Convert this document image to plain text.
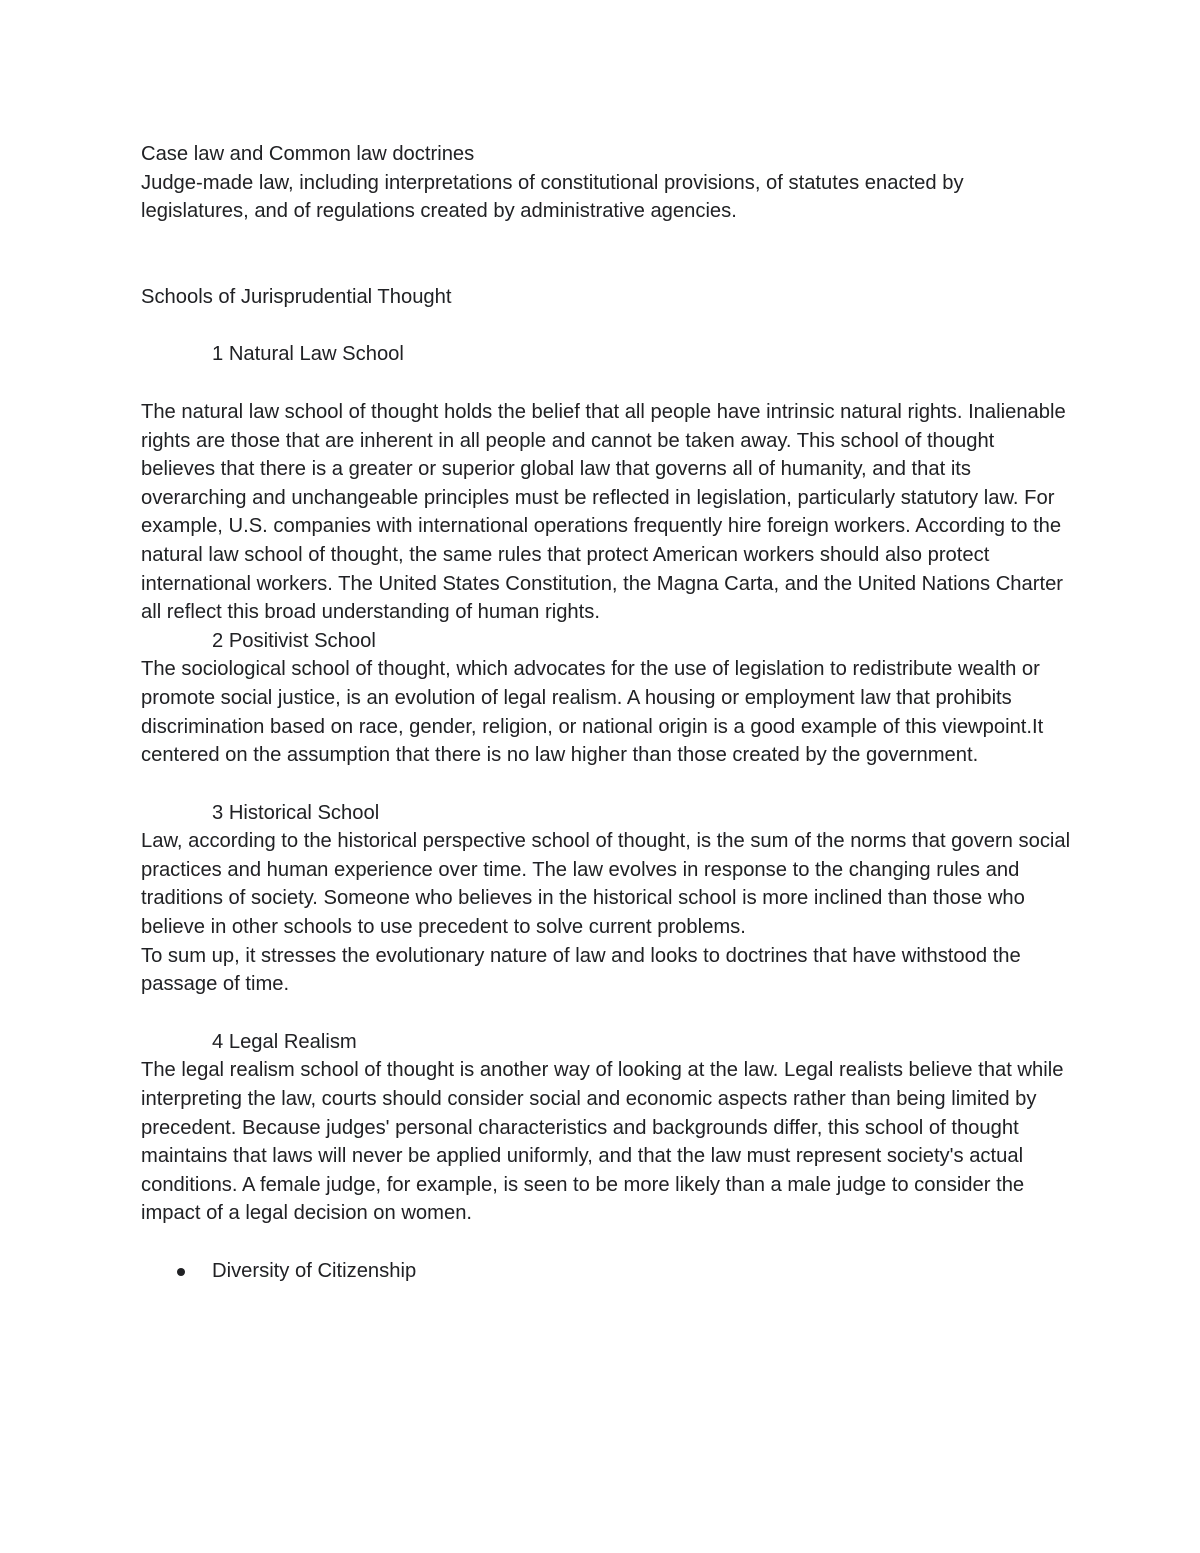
Case law and Common law doctrines

Judge-made law, including interpretations of constitutional provisions, of statutes enacted by legislatures, and of regulations created by administrative agencies.

Schools of Jurisprudential Thought

1 Natural Law School

The natural law school of thought holds the belief that all people have intrinsic natural rights. Inalienable rights are those that are inherent in all people and cannot be taken away. This school of thought believes that there is a greater or superior global law that governs all of humanity, and that its overarching and unchangeable principles must be reflected in legislation, particularly statutory law. For example, U.S. companies with international operations frequently hire foreign workers. According to the natural law school of thought, the same rules that protect American workers should also protect international workers. The United States Constitution, the Magna Carta, and the United Nations Charter all reflect this broad understanding of human rights.

2 Positivist School

The sociological school of thought, which advocates for the use of legislation to redistribute wealth or promote social justice, is an evolution of legal realism. A housing or employment law that prohibits discrimination based on race, gender, religion, or national origin is a good example of this viewpoint.It centered on the assumption that there is no law higher than those created by the government.

3 Historical School

Law, according to the historical perspective school of thought, is the sum of the norms that govern social practices and human experience over time. The law evolves in response to the changing rules and traditions of society. Someone who believes in the historical school is more inclined than those who believe in other schools to use precedent to solve current problems.

To sum up, it stresses the evolutionary nature of law and looks to doctrines that have withstood the passage of time.

4 Legal Realism

The legal realism school of thought is another way of looking at the law. Legal realists believe that while interpreting the law, courts should consider social and economic aspects rather than being limited by precedent. Because judges' personal characteristics and backgrounds differ, this school of thought maintains that laws will never be applied uniformly, and that the law must represent society's actual conditions. A female judge, for example, is seen to be more likely than a male judge to consider the impact of a legal decision on women.

Diversity of Citizenship
